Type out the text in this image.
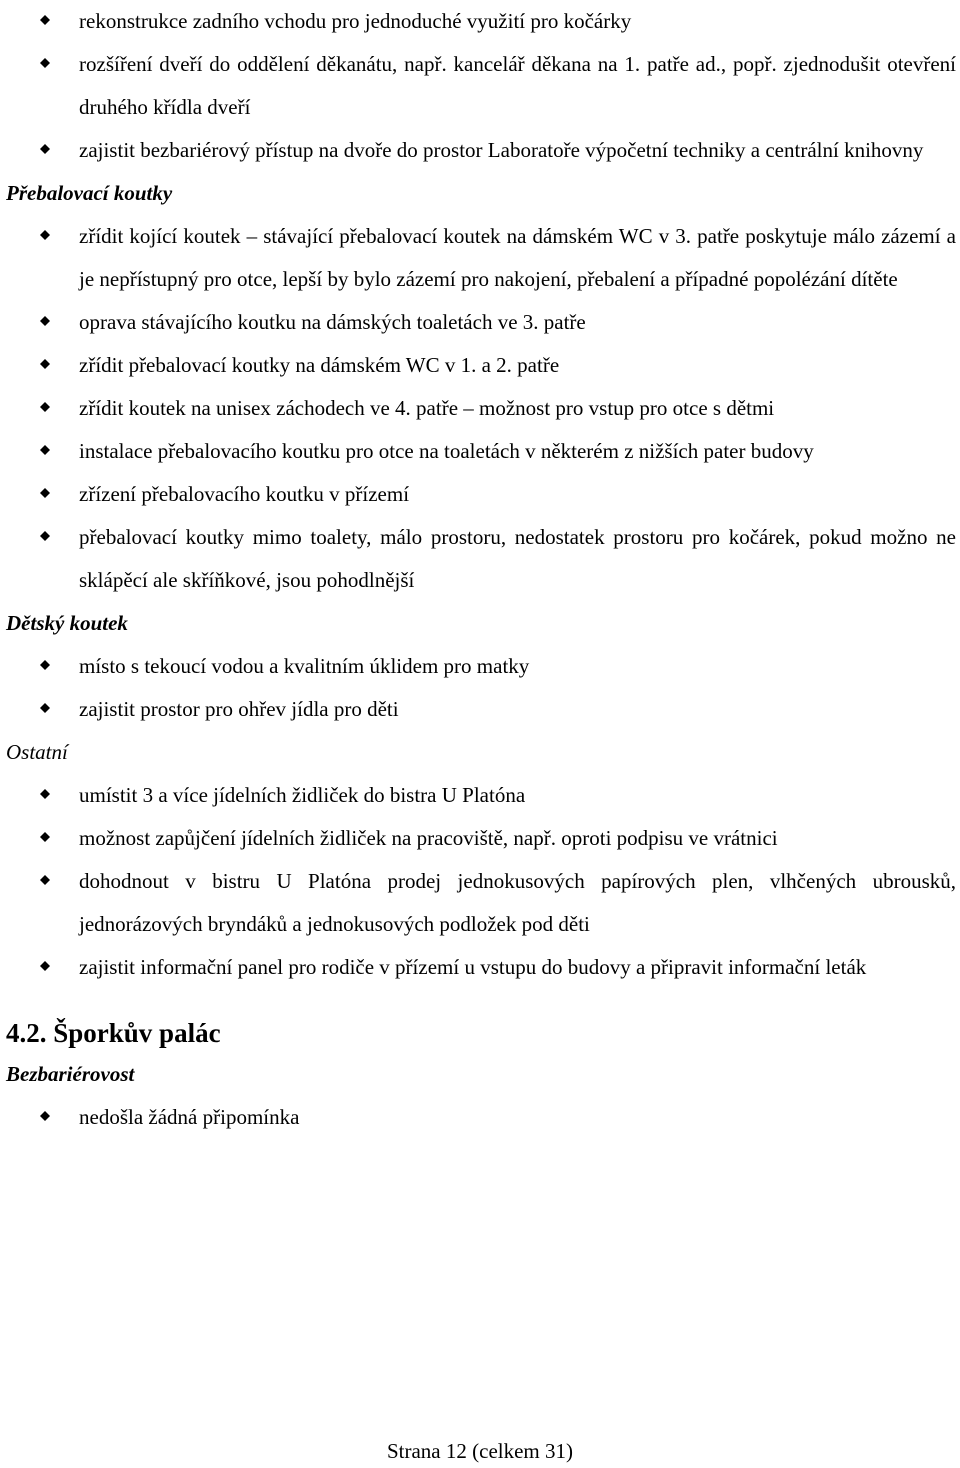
rekonstrukce zadního vchodu pro jednoduché využití pro kočárky
rozšíření dveří do oddělení děkanátu, např. kancelář děkana na 1. patře ad., popř. zjednodušit otevření druhého křídla dveří
zajistit bezbariérový přístup na dvoře do prostor Laboratoře výpočetní techniky a centrální knihovny
Přebalovací koutky
zřídit kojící koutek – stávající přebalovací koutek na dámském WC v 3. patře poskytuje málo zázemí a je nepřístupný pro otce, lepší by bylo zázemí pro nakojení, přebalení a případné popolézání dítěte
oprava stávajícího koutku na dámských toaletách ve 3. patře
zřídit přebalovací koutky na dámském WC v 1. a 2. patře
zřídit koutek na unisex záchodech ve 4. patře – možnost pro vstup pro otce s dětmi
instalace přebalovacího koutku pro otce na toaletách v některém z nižších pater budovy
zřízení přebalovacího koutku v přízemí
přebalovací koutky mimo toalety, málo prostoru, nedostatek prostoru pro kočárek, pokud možno ne sklápěcí ale skříňkové, jsou pohodlnější
Dětský koutek
místo s tekoucí vodou a kvalitním úklidem pro matky
zajistit prostor pro ohřev jídla pro děti
Ostatní
umístit 3 a více jídelních židliček do bistra U Platóna
možnost zapůjčení jídelních židliček na pracoviště, např. oproti podpisu ve vrátnici
dohodnout v bistru U Platóna prodej jednokusových papírových plen, vlhčených ubrousků, jednorázových bryndáků a jednokusových podložek pod děti
zajistit informační panel pro rodiče v přízemí u vstupu do budovy a připravit informační leták
4.2. Šporkův palác
Bezbariérovost
nedošla žádná připomínka
Strana 12 (celkem 31)
